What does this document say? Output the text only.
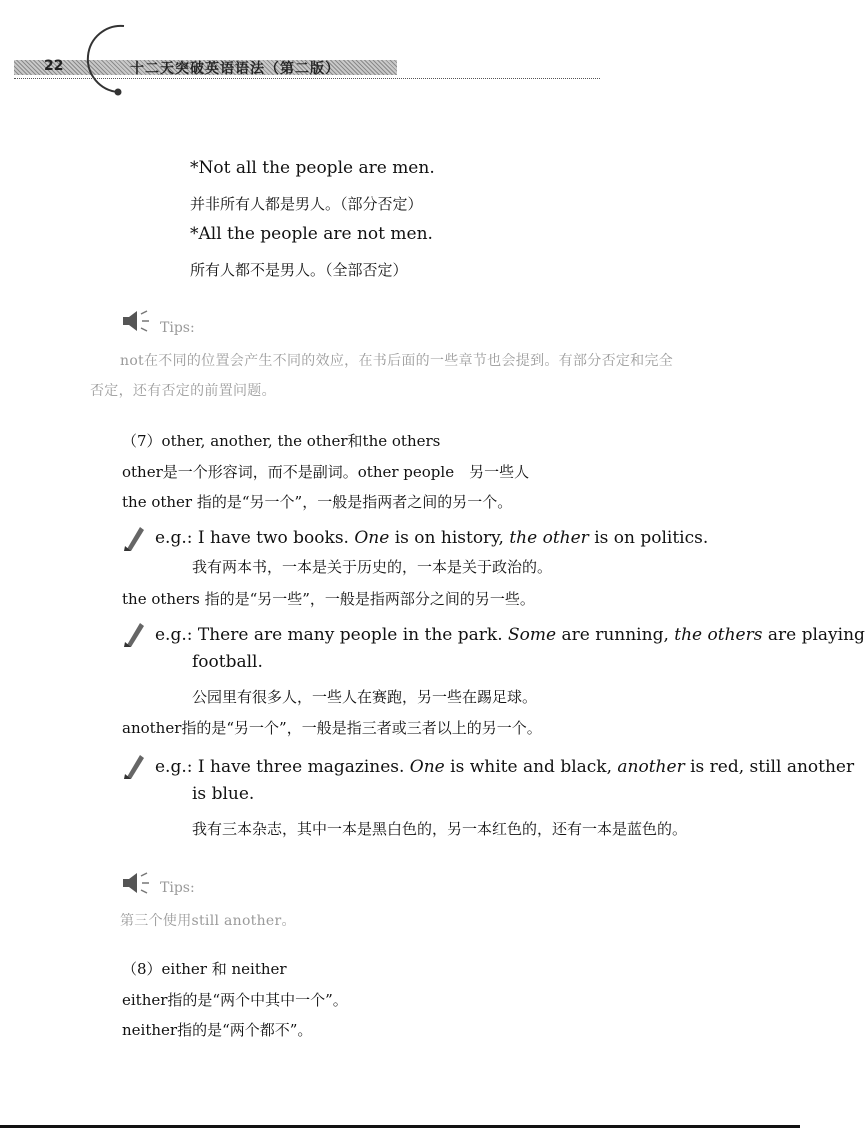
22	十二天突破英语语法（第二版）
*Not all the people are men.
并非所有人都是男人。（部分否定）
*All the people are not men.
所有人都不是男人。（全部否定）
Tips:
not在不同的位置会产生不同的效应，在书后面的一些章节也会提到。有部分否定和完全
否定，还有否定的前置问题。
（7）other, another, the other和the others
other是一个形容词，而不是副词。other people　另一些人
the other 指的是“另一个”，一般是指两者之间的另一个。
e.g.: I have two books. One is on history, the other is on politics.
我有两本书，一本是关于历史的，一本是关于政治的。
the others 指的是“另一些”，一般是指两部分之间的另一些。
e.g.: There are many people in the park. Some are running, the others are playing
football.
公园里有很多人，一些人在赛跑，另一些在踢足球。
another指的是“另一个”，一般是指三者或三者以上的另一个。
e.g.: I have three magazines. One is white and black, another is red, still another
is blue.
我有三本杂志，其中一本是黑白色的，另一本红色的，还有一本是蓝色的。
Tips:
第三个使用still another。
（8）either 和 neither
either指的是“两个中其中一个”。
neither指的是“两个都不”。
